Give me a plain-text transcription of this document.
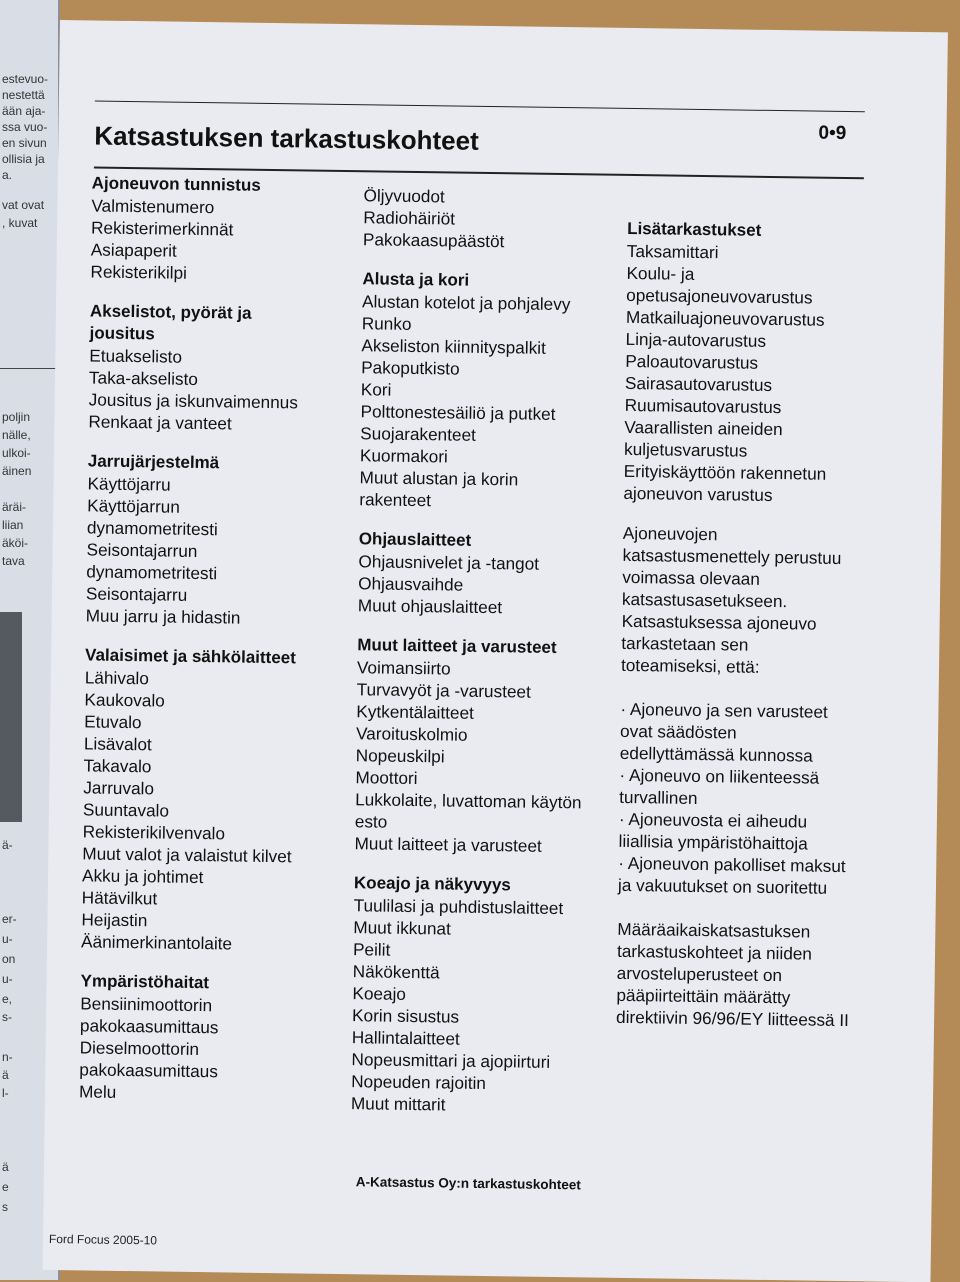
estevuo-
nestettä
ään aja-
ssa vuo-
en sivun
ollisia ja
a.
vat ovat
, kuvat
poljin
nälle,
ulkoi-
äinen
äräi-
liian
äköi-
tava
ä-
er-
u-
on
u-
e,
s-
n-
ä
l-
ä
e
s
0•9
Katsastuksen tarkastuskohteet
Ajoneuvon tunnistus
Valmistenumero
Rekisterimerkinnät
Asiapaperit
Rekisterikilpi
Akselistot, pyörät ja jousitus
Etuakselisto
Taka-akselisto
Jousitus ja iskunvaimennus
Renkaat ja vanteet
Jarrujärjestelmä
Käyttöjarru
Käyttöjarrun dynamometritesti
Seisontajarrun dynamometritesti
Seisontajarru
Muu jarru ja hidastin
Valaisimet ja sähkölaitteet
Lähivalo
Kaukovalo
Etuvalo
Lisävalot
Takavalo
Jarruvalo
Suuntavalo
Rekisterikilvenvalo
Muut valot ja valaistut kilvet
Akku ja johtimet
Hätävilkut
Heijastin
Äänimerkinantolaite
Ympäristöhaitat
Bensiinimoottorin pakokaasumittaus
Dieselmoottorin pakokaasumittaus
Melu
Öljyvuodot
Radiohäiriöt
Pakokaasupäästöt
Alusta ja kori
Alustan kotelot ja pohjalevy
Runko
Akseliston kiinnityspalkit
Pakoputkisto
Kori
Polttonestesäiliö ja putket
Suojarakenteet
Kuormakori
Muut alustan ja korin rakenteet
Ohjauslaitteet
Ohjausnivelet ja -tangot
Ohjausvaihde
Muut ohjauslaitteet
Muut laitteet ja varusteet
Voimansiirto
Turvavyöt ja -varusteet
Kytkentälaitteet
Varoituskolmio
Nopeuskilpi
Moottori
Lukkolaite, luvattoman käytön esto
Muut laitteet ja varusteet
Koeajo ja näkyvyys
Tuulilasi ja puhdistuslaitteet
Muut ikkunat
Peilit
Näkökenttä
Koeajo
Korin sisustus
Hallintalaitteet
Nopeusmittari ja ajopiirturi
Nopeuden rajoitin
Muut mittarit
Lisätarkastukset
Taksamittari
Koulu- ja opetusajoneuvovarustus
Matkailuajoneuvovarustus
Linja-autovarustus
Paloautovarustus
Sairasautovarustus
Ruumisautovarustus
Vaarallisten aineiden kuljetusvarustus
Erityiskäyttöön rakennetun ajoneuvon varustus
Ajoneuvojen katsastusmenettely perustuu voimassa olevaan katsastusasetukseen. Katsastuksessa ajoneuvo tarkastetaan sen toteamiseksi, että:
· Ajoneuvo ja sen varusteet ovat säädösten edellyttämässä kunnossa
· Ajoneuvo on liikenteessä turvallinen
· Ajoneuvosta ei aiheudu liiallisia ympäristöhaittoja
· Ajoneuvon pakolliset maksut ja vakuutukset on suoritettu
Määräaikaiskatsastuksen tarkastuskohteet ja niiden arvosteluperusteet on pääpiirteittäin määrätty direktiivin 96/96/EY liitteessä II
A-Katsastus Oy:n tarkastuskohteet
Ford Focus 2005-10
